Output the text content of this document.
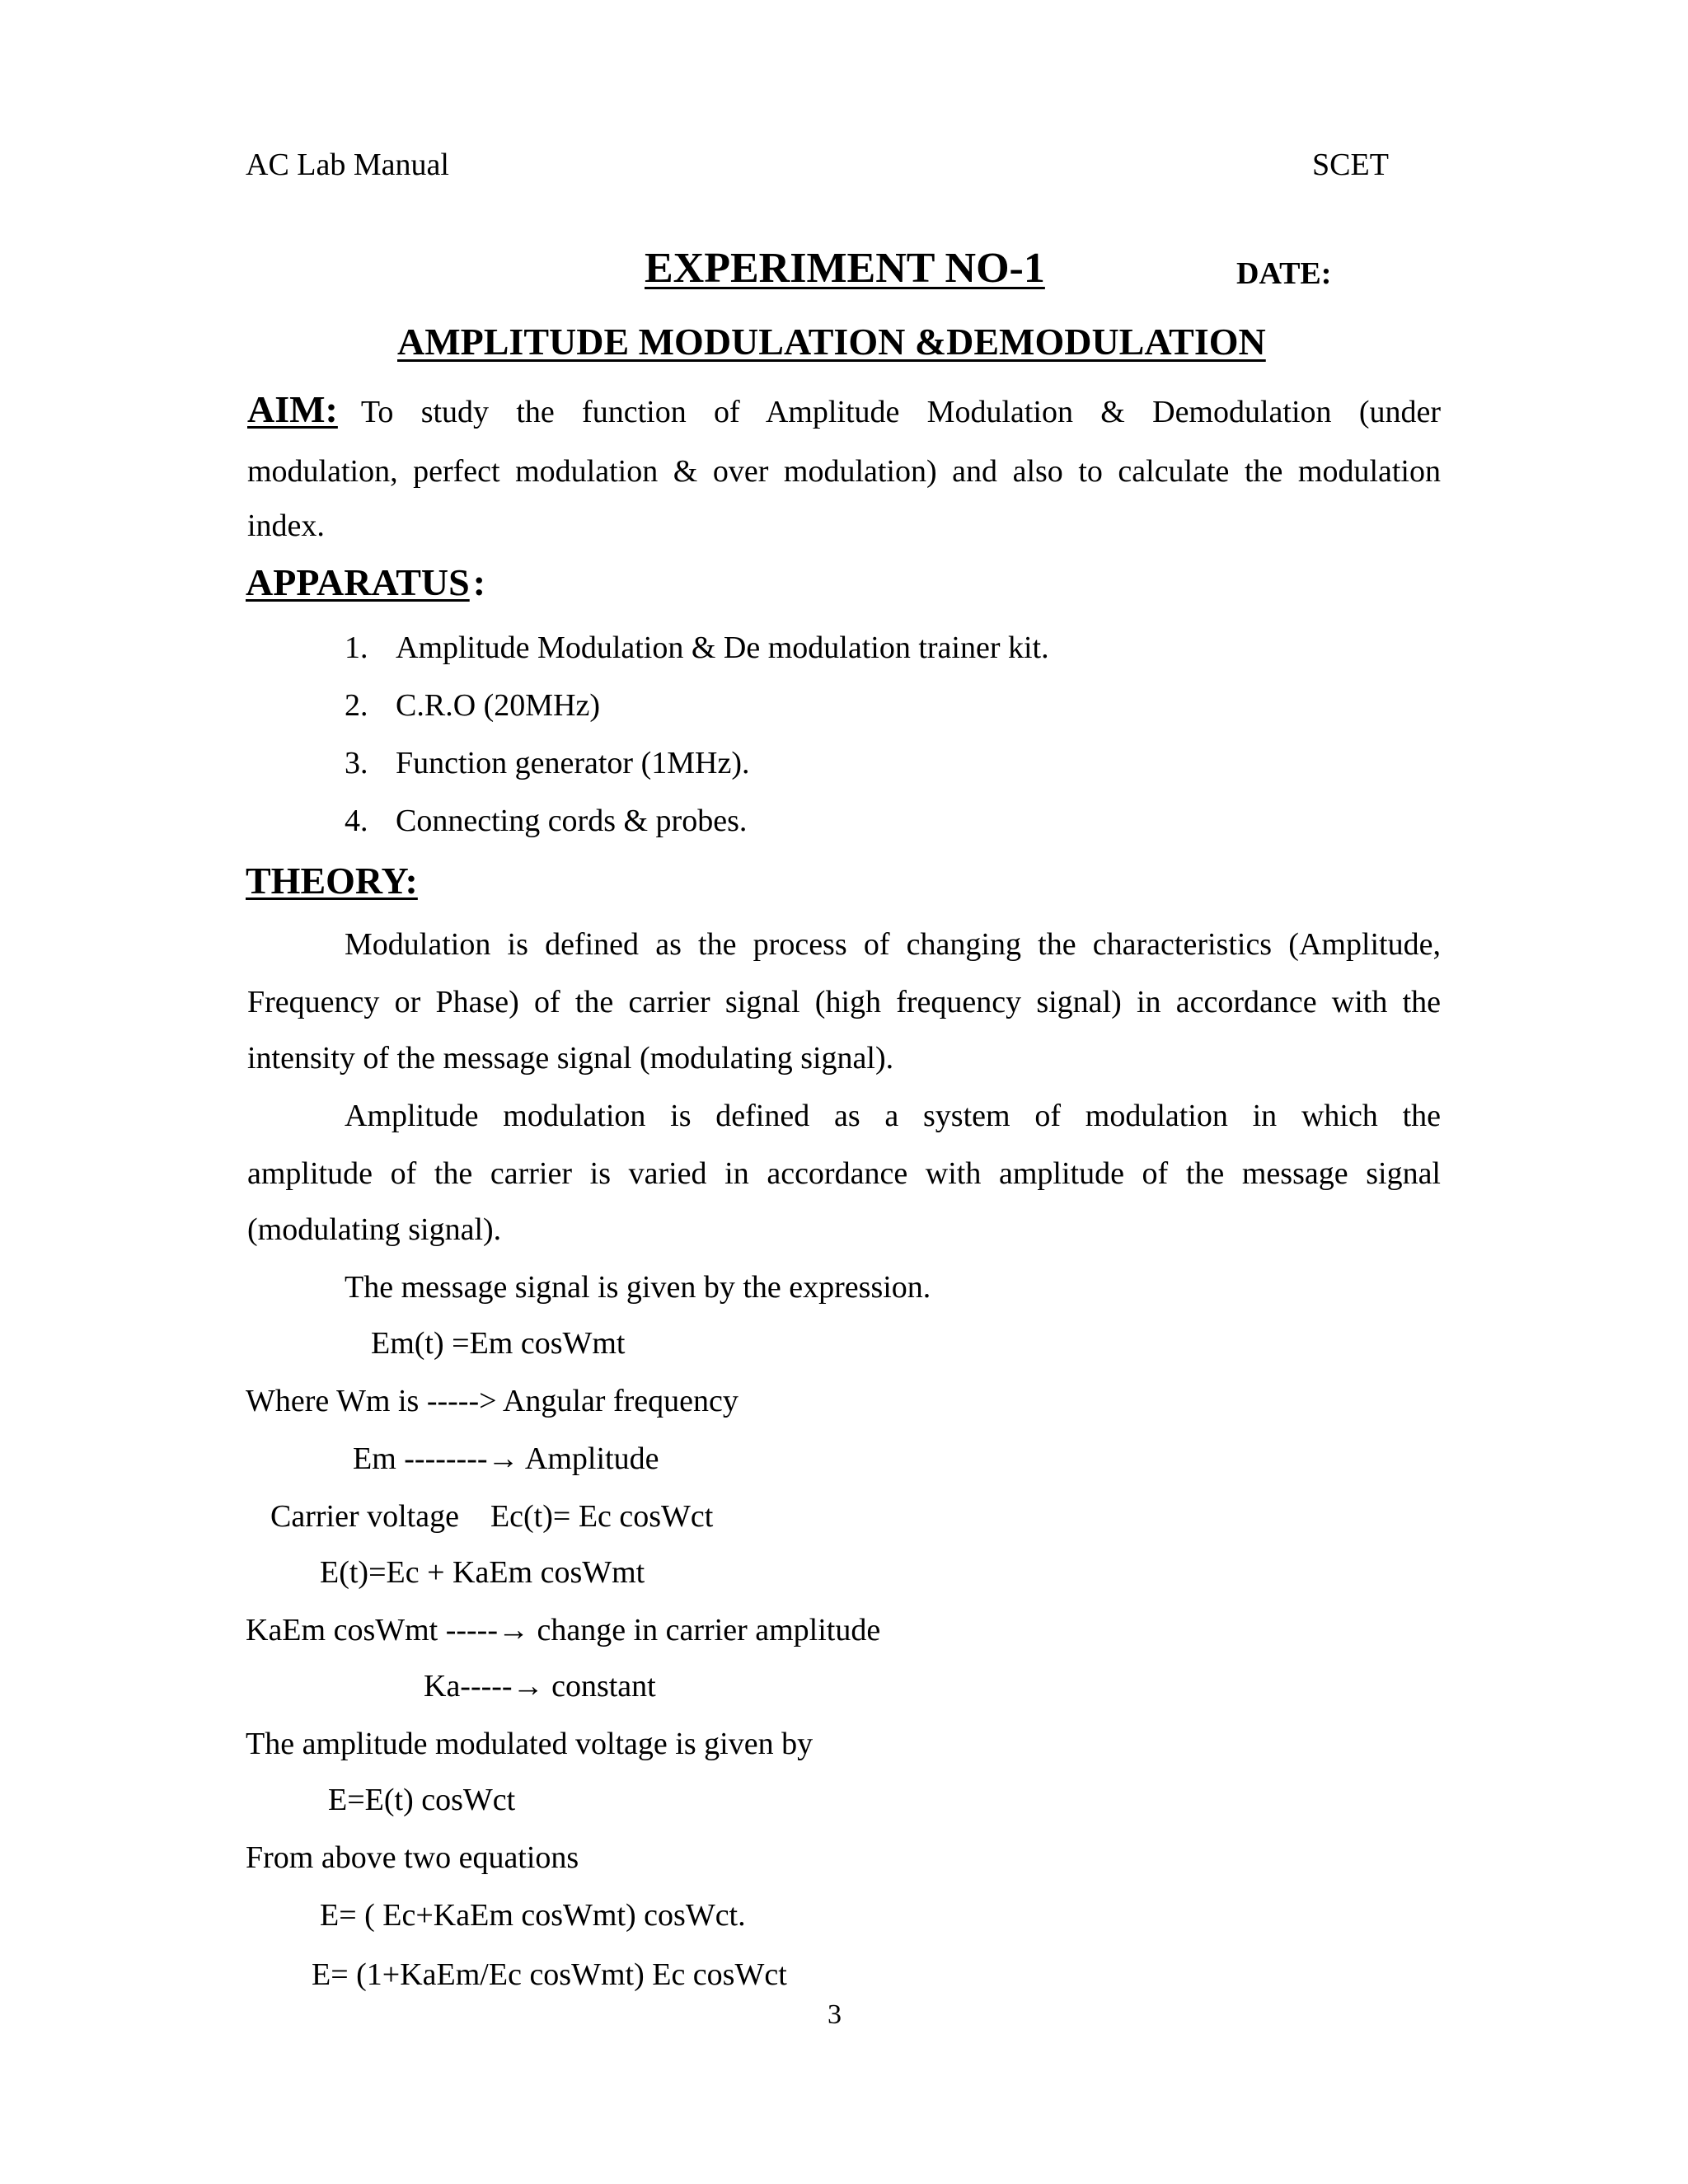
AC Lab Manual	SCET
EXPERIMENT NO-1	DATE:
AMPLITUDE MODULATION &DEMODULATION
AIM: To study the function of Amplitude Modulation & Demodulation (under
modulation, perfect modulation & over modulation) and also to calculate the modulation
index.
APPARATUS :
1. Amplitude Modulation & De modulation trainer kit.
2. C.R.O (20MHz)
3. Function generator (1MHz).
4. Connecting cords & probes.
THEORY:
Modulation is defined as the process of changing the characteristics (Amplitude,
Frequency or Phase) of the carrier signal (high frequency signal) in accordance with the
intensity of the message signal (modulating signal).
Amplitude modulation is defined as a system of modulation in which the
amplitude of the carrier is varied in accordance with amplitude of the message signal
(modulating signal).
The message signal is given by the expression.
Em(t) =Em cosWmt
Where Wm is -----> Angular frequency
Em --------→ Amplitude
Carrier voltage    Ec(t)= Ec cosWct
E(t)=Ec + KaEm cosWmt
KaEm cosWmt -----→ change in carrier amplitude
Ka-----→ constant
The amplitude modulated voltage is given by
E=E(t) cosWct
From above two equations
E= ( Ec+KaEm cosWmt) cosWct.
E= (1+KaEm/Ec cosWmt) Ec cosWct
3
